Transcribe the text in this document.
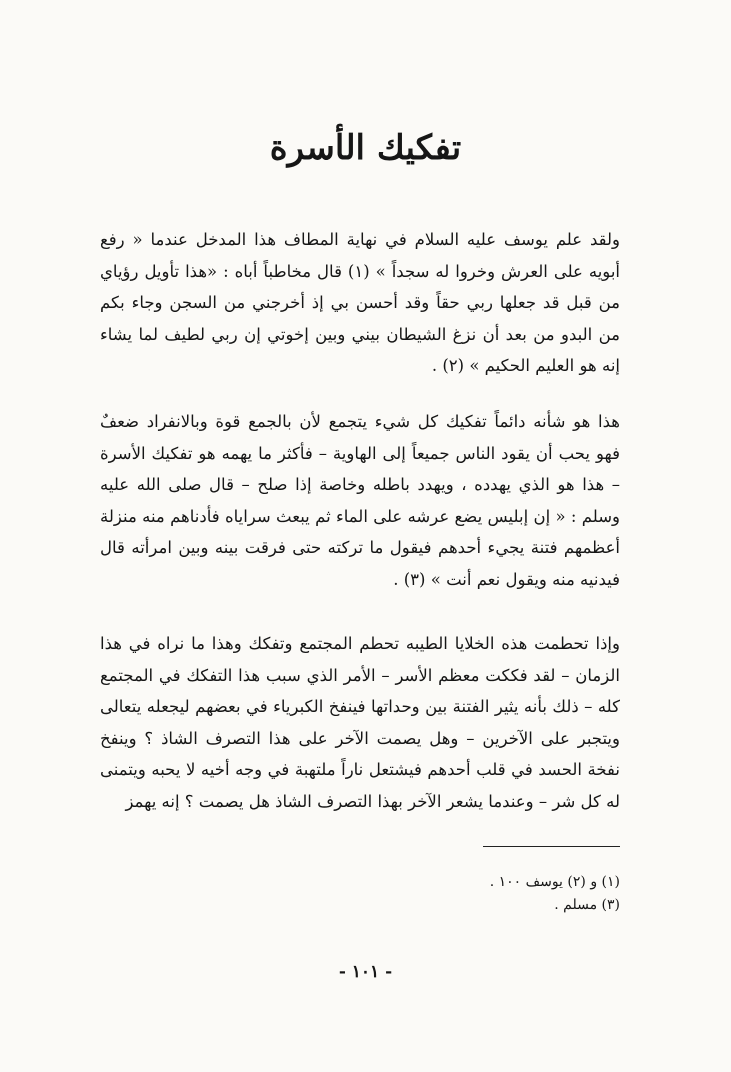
تفكيك الأسرة

ولقد علم يوسف عليه السلام في نهاية المطاف هذا المدخل عندما « رفع أبويه على العرش وخروا له سجداً » (١) قال مخاطباً أباه : «هذا تأويل رؤياي من قبل قد جعلها ربي حقاً وقد أحسن بي إذ أخرجني من السجن وجاء بكم من البدو من بعد أن نزغ الشيطان بيني وبين إخوتي إن ربي لطيف لما يشاء إنه هو العليم الحكيم » (٢) .

هذا هو شأنه دائماً تفكيك كل شيء يتجمع لأن بالجمع قوة وبالانفراد ضعفٌ فهو يحب أن يقود الناس جميعاً إلى الهاوية – فأكثر ما يهمه هو تفكيك الأسرة – هذا هو الذي يهدده ، ويهدد باطله وخاصة إذا صلح – قال صلى الله عليه وسلم : « إن إبليس يضع عرشه على الماء ثم يبعث سراياه فأدناهم منه منزلة أعظمهم فتنة يجيء أحدهم فيقول ما تركته حتى فرقت بينه وبين امرأته قال فيدنيه منه ويقول نعم أنت » (٣) .

وإذا تحطمت هذه الخلايا الطيبه تحطم المجتمع وتفكك وهذا ما نراه في هذا الزمان – لقد فككت معظم الأسر – الأمر الذي سبب هذا التفكك في المجتمع كله – ذلك بأنه يثير الفتنة بين وحداتها فينفخ الكبرياء في بعضهم ليجعله يتعالى ويتجبر على الآخرين – وهل يصمت الآخر على هذا التصرف الشاذ ؟ وينفخ نفخة الحسد في قلب أحدهم فيشتعل ناراً ملتهبة في وجه أخيه لا يحبه ويتمنى له كل شر – وعندما يشعر الآخر بهذا التصرف الشاذ هل يصمت ؟ إنه يهمز

(١) و (٢) يوسف ١٠٠ .
(٣) مسلم .
- ١٠١ -
